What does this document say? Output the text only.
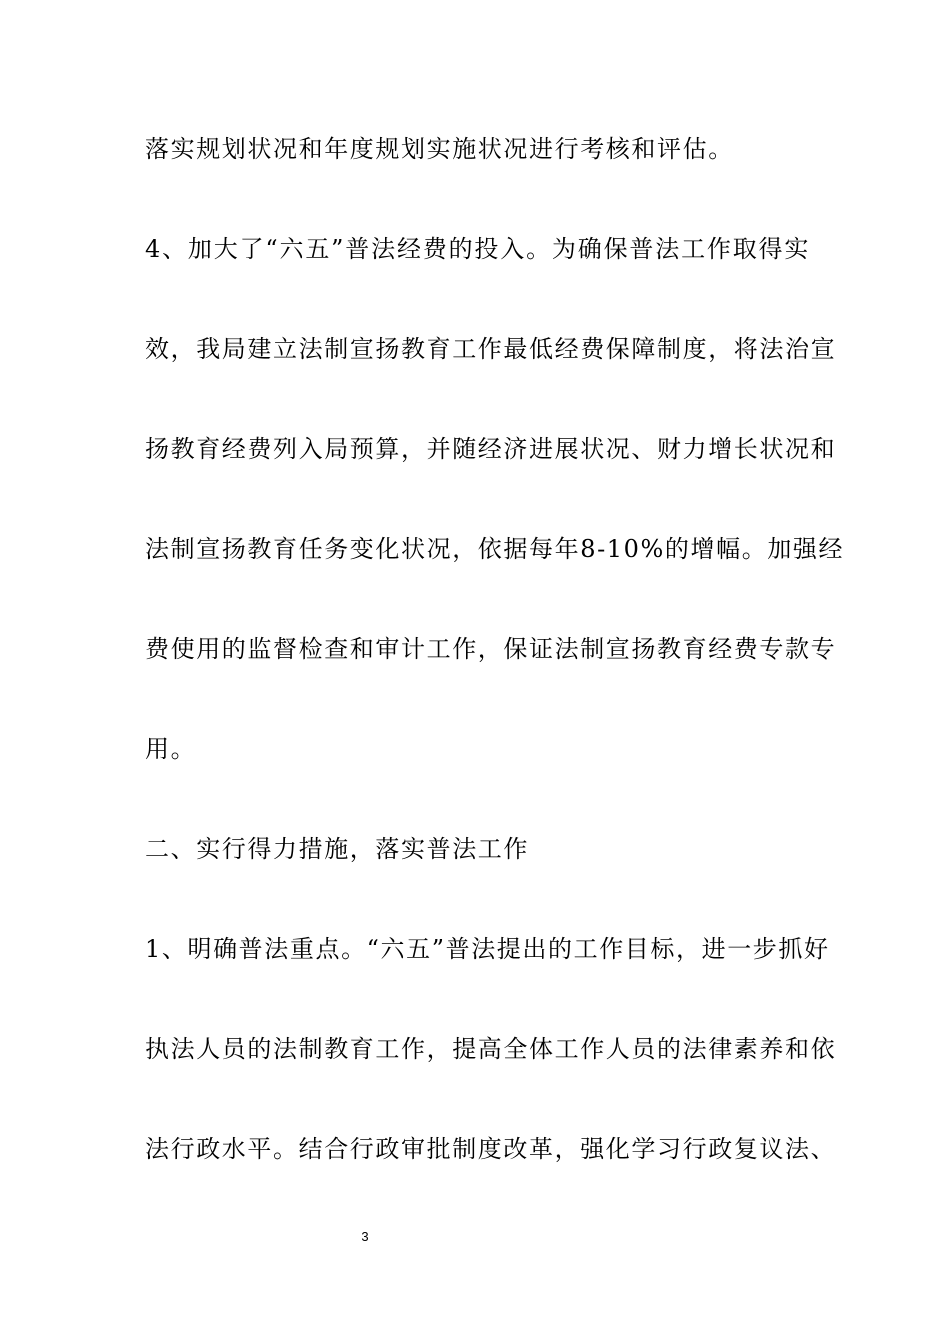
落实规划状况和年度规划实施状况进行考核和评估。
4、加大了“六五”普法经费的投入。为确保普法工作取得实
效，我局建立法制宣扬教育工作最低经费保障制度，将法治宣
扬教育经费列入局预算，并随经济进展状况、财力增长状况和
法制宣扬教育任务变化状况，依据每年8-10%的增幅。加强经
费使用的监督检查和审计工作，保证法制宣扬教育经费专款专
用。
二、实行得力措施，落实普法工作
1、明确普法重点。“六五”普法提出的工作目标，进一步抓好
执法人员的法制教育工作，提高全体工作人员的法律素养和依
法行政水平。结合行政审批制度改革，强化学习行政复议法、
3
